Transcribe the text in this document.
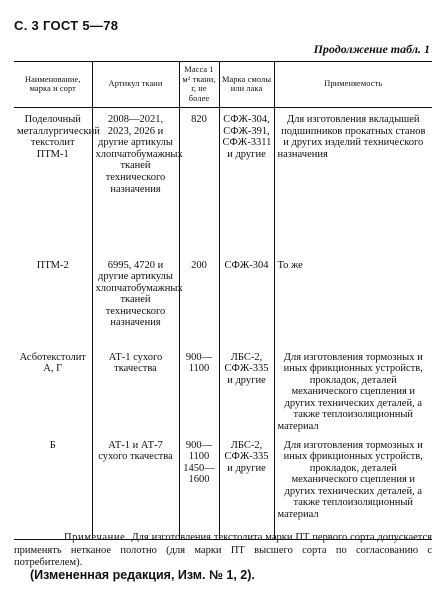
С. 3 ГОСТ 5—78
Продолжение табл. 1
Наименование, марка и сорт	Артикул ткани	Масса 1 м² ткани, г, не более	Марка смолы или лака	Применяемость
Поделочный металлургический текстолит ПТМ-1	2008—2021, 2023, 2026 и другие артикулы хлопчатобумажных тканей технического назначения	820	СФЖ-304, СФЖ-391, СФЖ-3311 и другие	Для изготовления вкладышей подшипников прокатных станов и других изделий технического назначения
ПТМ-2	6995, 4720 и другие артикулы хлопчатобумажных тканей технического назначения	200	СФЖ-304	То же
Асботекстолит А, Г	АТ-1 сухого ткачества	900—1100	ЛБС-2, СФЖ-335 и другие	Для изготовления тормозных и иных фрикционных устройств, прокладок, деталей механического сцепления и других технических деталей, а также теплоизоляционный материал
Б	АТ-1 и АТ-7 сухого ткачества	900—1100 1450—1600	ЛБС-2, СФЖ-335 и другие	Для изготовления тормозных и иных фрикционных устройств, прокладок, деталей механического сцепления и других технических деталей, а также теплоизоляционный материал
Примечание. Для изготовления текстолита марки ПТ первого сорта допускается применять нетканое полотно (для марки ПТ высшего сорта по согласованию с потребителем).
(Измененная редакция, Изм. № 1, 2).
